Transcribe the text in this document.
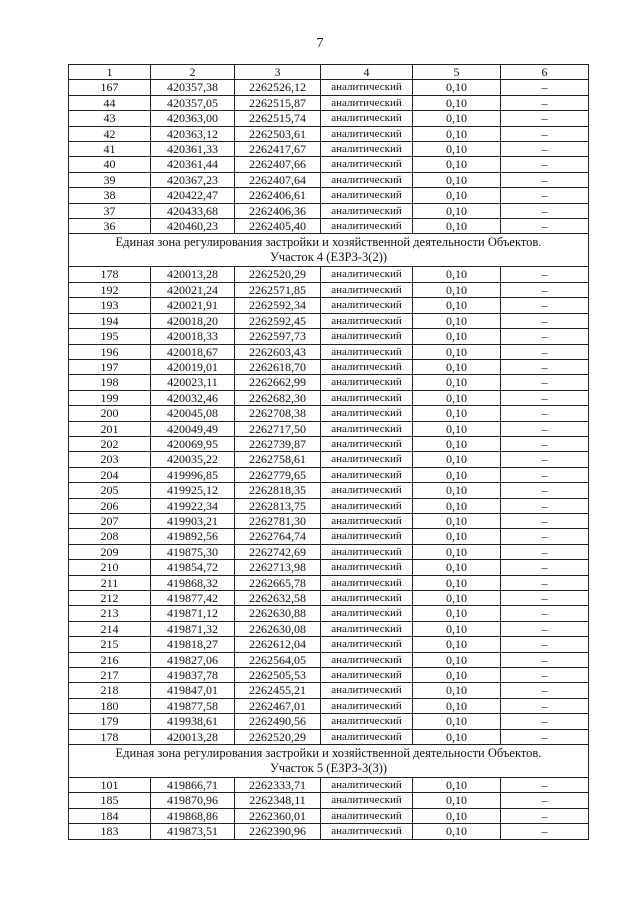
7
1	2	3	4	5	6
167	420357,38	2262526,12	аналитический	0,10	–
44	420357,05	2262515,87	аналитический	0,10	–
43	420363,00	2262515,74	аналитический	0,10	–
42	420363,12	2262503,61	аналитический	0,10	–
41	420361,33	2262417,67	аналитический	0,10	–
40	420361,44	2262407,66	аналитический	0,10	–
39	420367,23	2262407,64	аналитический	0,10	–
38	420422,47	2262406,61	аналитический	0,10	–
37	420433,68	2262406,36	аналитический	0,10	–
36	420460,23	2262405,40	аналитический	0,10	–

Единая зона регулирования застройки и хозяйственной деятельности Объектов.
Участок 4 (ЕЗРЗ-3(2))					

178	420013,28	2262520,29	аналитический	0,10	–
192	420021,24	2262571,85	аналитический	0,10	–
193	420021,91	2262592,34	аналитический	0,10	–
194	420018,20	2262592,45	аналитический	0,10	–
195	420018,33	2262597,73	аналитический	0,10	–
196	420018,67	2262603,43	аналитический	0,10	–
197	420019,01	2262618,70	аналитический	0,10	–
198	420023,11	2262662,99	аналитический	0,10	–
199	420032,46	2262682,30	аналитический	0,10	–
200	420045,08	2262708,38	аналитический	0,10	–
201	420049,49	2262717,50	аналитический	0,10	–
202	420069,95	2262739,87	аналитический	0,10	–
203	420035,22	2262758,61	аналитический	0,10	–
204	419996,85	2262779,65	аналитический	0,10	–
205	419925,12	2262818,35	аналитический	0,10	–
206	419922,34	2262813,75	аналитический	0,10	–
207	419903,21	2262781,30	аналитический	0,10	–
208	419892,56	2262764,74	аналитический	0,10	–
209	419875,30	2262742,69	аналитический	0,10	–
210	419854,72	2262713,98	аналитический	0,10	–
211	419868,32	2262665,78	аналитический	0,10	–
212	419877,42	2262632,58	аналитический	0,10	–
213	419871,12	2262630,88	аналитический	0,10	–
214	419871,32	2262630,08	аналитический	0,10	–
215	419818,27	2262612,04	аналитический	0,10	–
216	419827,06	2262564,05	аналитический	0,10	–
217	419837,78	2262505,53	аналитический	0,10	–
218	419847,01	2262455,21	аналитический	0,10	–
180	419877,58	2262467,01	аналитический	0,10	–
179	419938,61	2262490,56	аналитический	0,10	–
178	420013,28	2262520,29	аналитический	0,10	–

Единая зона регулирования застройки и хозяйственной деятельности Объектов.
Участок 5 (ЕЗРЗ-3(3))					

101	419866,71	2262333,71	аналитический	0,10	–
185	419870,96	2262348,11	аналитический	0,10	–
184	419868,86	2262360,01	аналитический	0,10	–
183	419873,51	2262390,96	аналитический	0,10	–
